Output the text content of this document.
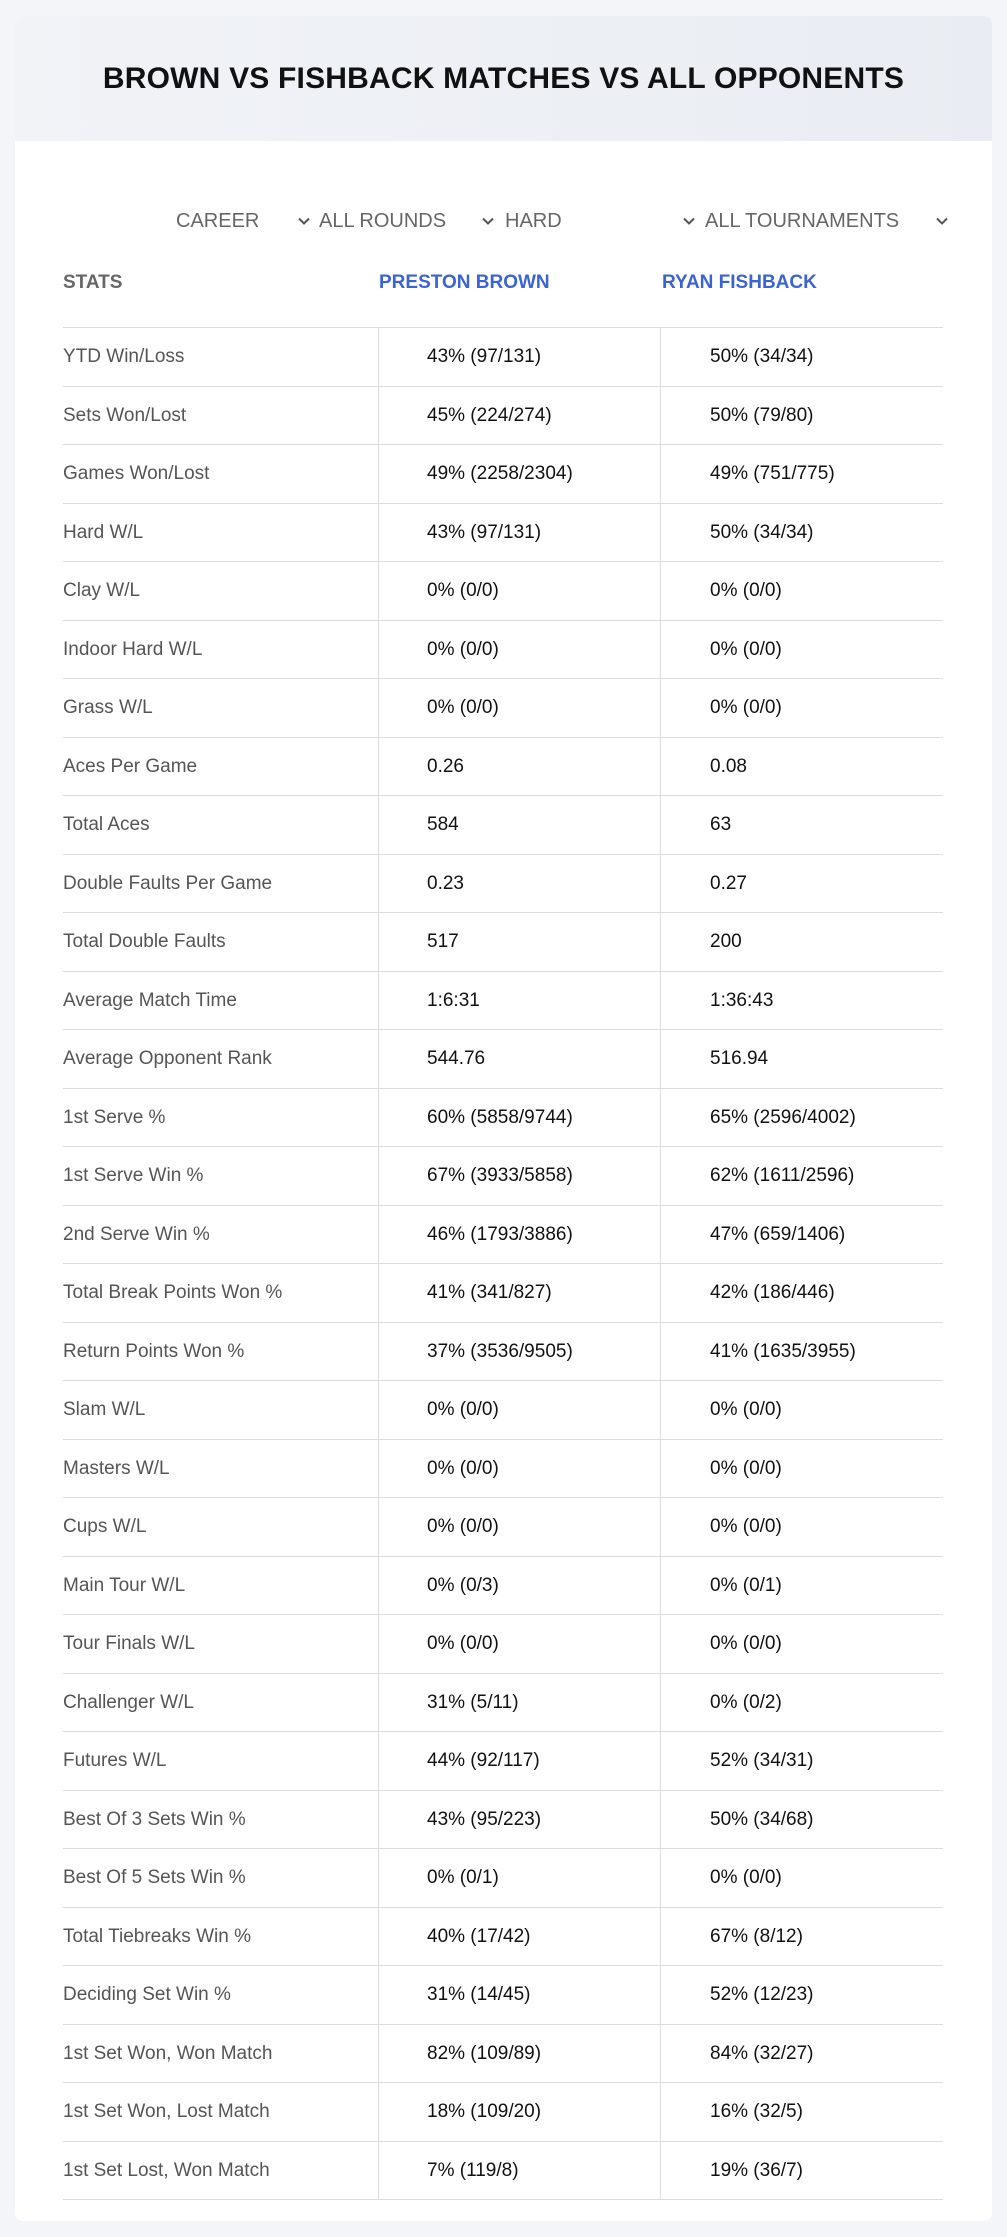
BROWN VS FISHBACK MATCHES VS ALL OPPONENTS
CAREER	ALL ROUNDS	HARD	ALL TOURNAMENTS
STATS	PRESTON BROWN	RYAN FISHBACK
YTD Win/Loss	43% (97/131)	50% (34/34)
Sets Won/Lost	45% (224/274)	50% (79/80)
Games Won/Lost	49% (2258/2304)	49% (751/775)
Hard W/L	43% (97/131)	50% (34/34)
Clay W/L	0% (0/0)	0% (0/0)
Indoor Hard W/L	0% (0/0)	0% (0/0)
Grass W/L	0% (0/0)	0% (0/0)
Aces Per Game	0.26	0.08
Total Aces	584	63
Double Faults Per Game	0.23	0.27
Total Double Faults	517	200
Average Match Time	1:6:31	1:36:43
Average Opponent Rank	544.76	516.94
1st Serve %	60% (5858/9744)	65% (2596/4002)
1st Serve Win %	67% (3933/5858)	62% (1611/2596)
2nd Serve Win %	46% (1793/3886)	47% (659/1406)
Total Break Points Won %	41% (341/827)	42% (186/446)
Return Points Won %	37% (3536/9505)	41% (1635/3955)
Slam W/L	0% (0/0)	0% (0/0)
Masters W/L	0% (0/0)	0% (0/0)
Cups W/L	0% (0/0)	0% (0/0)
Main Tour W/L	0% (0/3)	0% (0/1)
Tour Finals W/L	0% (0/0)	0% (0/0)
Challenger W/L	31% (5/11)	0% (0/2)
Futures W/L	44% (92/117)	52% (34/31)
Best Of 3 Sets Win %	43% (95/223)	50% (34/68)
Best Of 5 Sets Win %	0% (0/1)	0% (0/0)
Total Tiebreaks Win %	40% (17/42)	67% (8/12)
Deciding Set Win %	31% (14/45)	52% (12/23)
1st Set Won, Won Match	82% (109/89)	84% (32/27)
1st Set Won, Lost Match	18% (109/20)	16% (32/5)
1st Set Lost, Won Match	7% (119/8)	19% (36/7)
